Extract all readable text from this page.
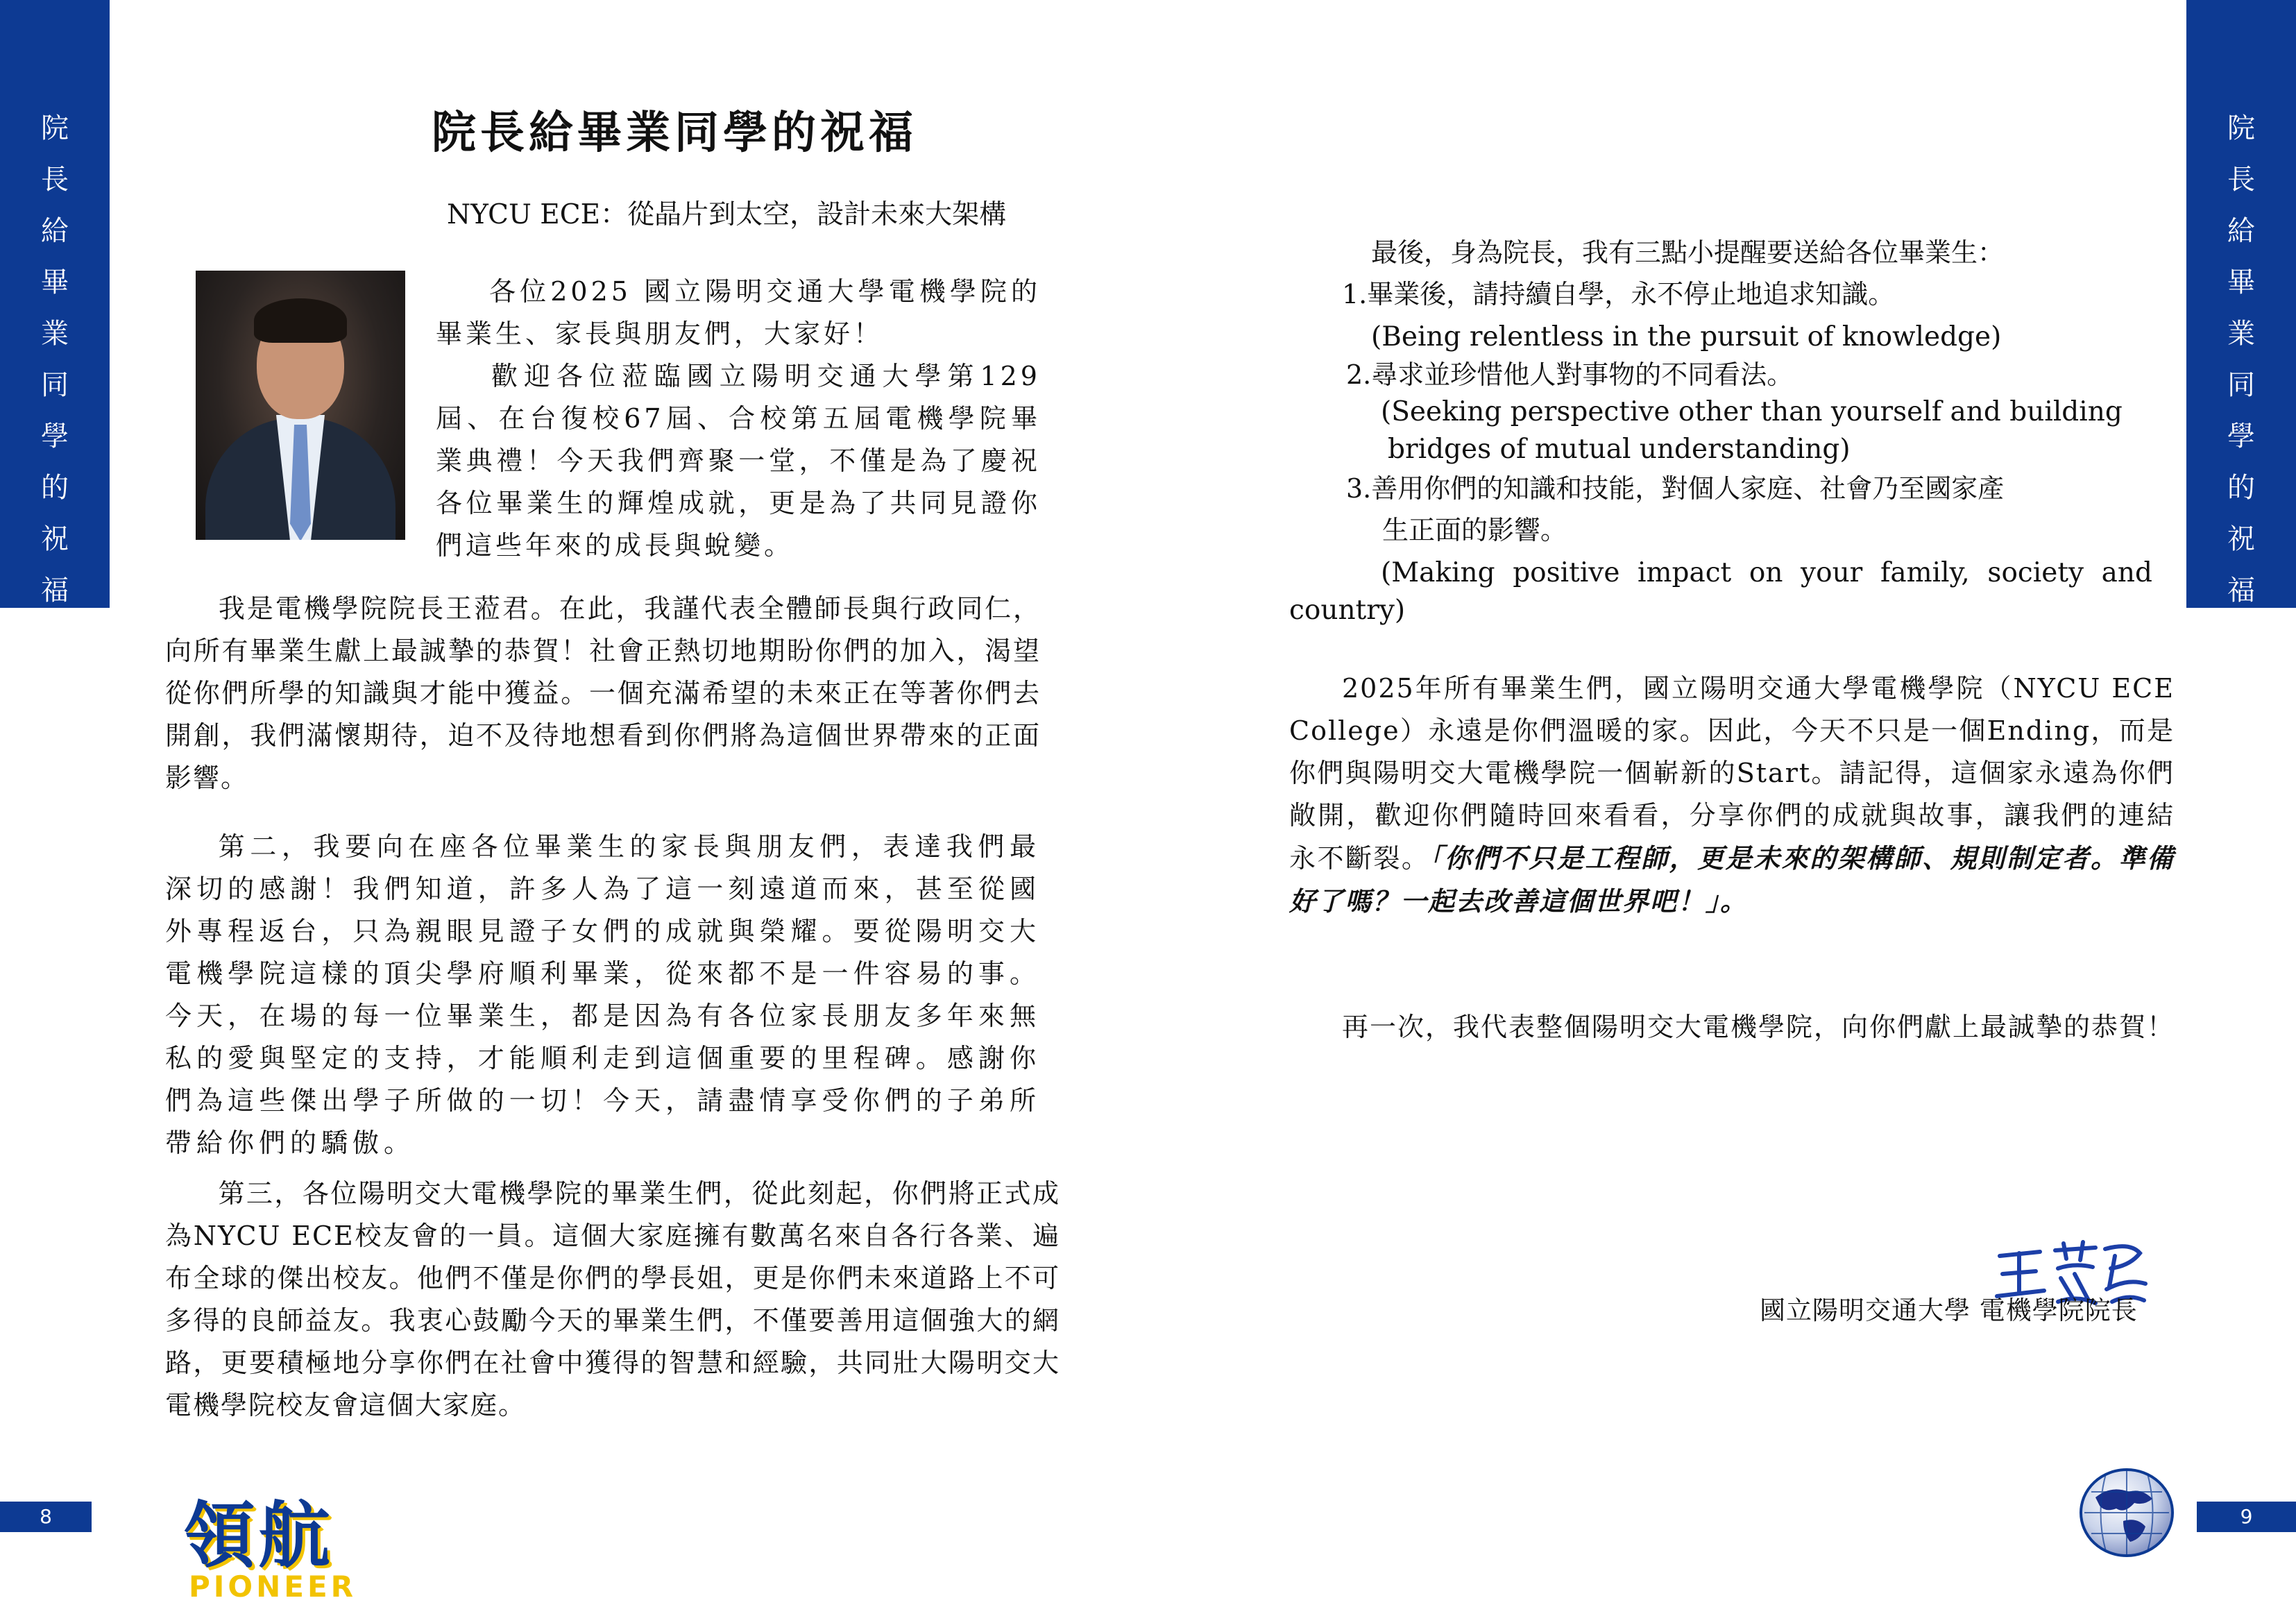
院
長
給
畢
業
同
學
的
祝
福
院
長
給
畢
業
同
學
的
祝
福
院長給畢業同學的祝福
NYCU ECE：從晶片到太空，設計未來大架構

各位2025 國立陽明交通大學電機學院的畢業生、家長與朋友們，大家好！

歡迎各位蒞臨國立陽明交通大學第129 屆、在台復校67屆、合校第五屆電機學院畢業典禮！今天我們齊聚一堂，不僅是為了慶祝各位畢業生的輝煌成就，更是為了共同見證你們這些年來的成長與蛻變。

我是電機學院院長王蒞君。在此，我謹代表全體師長與行政同仁，向所有畢業生獻上最誠摯的恭賀！社會正熱切地期盼你們的加入，渴望從你們所學的知識與才能中獲益。一個充滿希望的未來正在等著你們去開創，我們滿懷期待，迫不及待地想看到你們將為這個世界帶來的正面影響。

第二，我要向在座各位畢業生的家長與朋友們，表達我們最深切的感謝！我們知道，許多人為了這一刻遠道而來，甚至從國外專程返台，只為親眼見證子女們的成就與榮耀。要從陽明交大電機學院這樣的頂尖學府順利畢業，從來都不是一件容易的事。今天，在場的每一位畢業生，都是因為有各位家長朋友多年來無私的愛與堅定的支持，才能順利走到這個重要的里程碑。感謝你們為這些傑出學子所做的一切！今天，請盡情享受你們的子弟所帶給你們的驕傲。

第三，各位陽明交大電機學院的畢業生們，從此刻起，你們將正式成為NYCU ECE校友會的一員。這個大家庭擁有數萬名來自各行各業、遍布全球的傑出校友。他們不僅是你們的學長姐，更是你們未來道路上不可多得的良師益友。我衷心鼓勵今天的畢業生們，不僅要善用這個強大的網路，更要積極地分享你們在社會中獲得的智慧和經驗，共同壯大陽明交大電機學院校友會這個大家庭。

最後，身為院長，我有三點小提醒要送給各位畢業生：

1.畢業後，請持續自學，永不停止地追求知識。

(Being relentless in the pursuit of knowledge)

2.尋求並珍惜他人對事物的不同看法。

(Seeking perspective other than yourself and building

bridges of mutual understanding)

3.善用你們的知識和技能，對個人家庭、社會乃至國家產

生正面的影響。

(Making positive impact on your family, society and

country)

2025年所有畢業生們，國立陽明交通大學電機學院（NYCU ECE College）永遠是你們溫暖的家。因此，今天不只是一個Ending，而是你們與陽明交大電機學院一個嶄新的Start。請記得，這個家永遠為你們敞開，歡迎你們隨時回來看看，分享你們的成就與故事，讓我們的連結永不斷裂。「你們不只是工程師，更是未來的架構師、規則制定者。準備好了嗎？一起去改善這個世界吧！」。

再一次，我代表整個陽明交大電機學院，向你們獻上最誠摯的恭賀！

國立陽明交通大學 電機學院院長
8	9
領航
PIONEER
